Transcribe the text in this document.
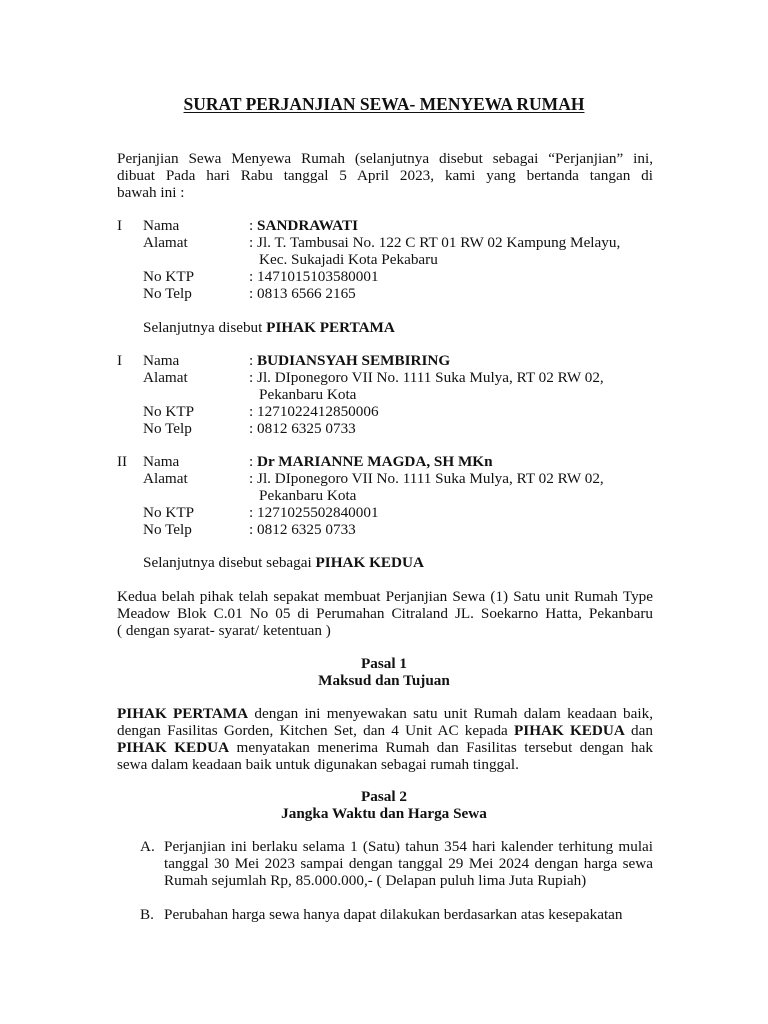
SURAT PERJANJIAN SEWA- MENYEWA RUMAH
Perjanjian Sewa Menyewa Rumah (selanjutnya disebut sebagai “Perjanjian” ini,
dibuat Pada hari Rabu tanggal 5 April 2023, kami yang bertanda tangan di
bawah ini :
I Nama	: SANDRAWATI
Alamat	: Jl. T. Tambusai No. 122 C RT 01 RW 02 Kampung Melayu,
Kec. Sukajadi Kota Pekabaru
No KTP	: 1471015103580001
No Telp	: 0813 6566 2165
Selanjutnya disebut PIHAK PERTAMA
I Nama	: BUDIANSYAH SEMBIRING
Alamat	: Jl. DIponegoro VII No. 1111 Suka Mulya, RT 02 RW 02,
Pekanbaru Kota
No KTP	: 1271022412850006
No Telp	: 0812 6325 0733
II Nama	: Dr MARIANNE MAGDA, SH MKn
Alamat	: Jl. DIponegoro VII No. 1111 Suka Mulya, RT 02 RW 02,
Pekanbaru Kota
No KTP	: 1271025502840001
No Telp	: 0812 6325 0733
Selanjutnya disebut sebagai PIHAK KEDUA
Kedua belah pihak telah sepakat membuat Perjanjian Sewa (1) Satu unit Rumah Type
Meadow Blok C.01 No 05 di Perumahan Citraland JL. Soekarno Hatta, Pekanbaru
( dengan syarat- syarat/ ketentuan )
Pasal 1
Maksud dan Tujuan
PIHAK PERTAMA dengan ini menyewakan satu unit Rumah dalam keadaan baik,
dengan Fasilitas Gorden, Kitchen Set, dan 4 Unit AC kepada PIHAK KEDUA dan
PIHAK KEDUA menyatakan menerima Rumah dan Fasilitas tersebut dengan hak
sewa dalam keadaan baik untuk digunakan sebagai rumah tinggal.
Pasal 2
Jangka Waktu dan Harga Sewa
A. Perjanjian ini berlaku selama 1 (Satu) tahun 354 hari kalender terhitung mulai
tanggal 30 Mei 2023 sampai dengan tanggal 29 Mei 2024 dengan harga sewa
Rumah sejumlah Rp, 85.000.000,- ( Delapan puluh lima Juta Rupiah)
B. Perubahan harga sewa hanya dapat dilakukan berdasarkan atas kesepakatan
